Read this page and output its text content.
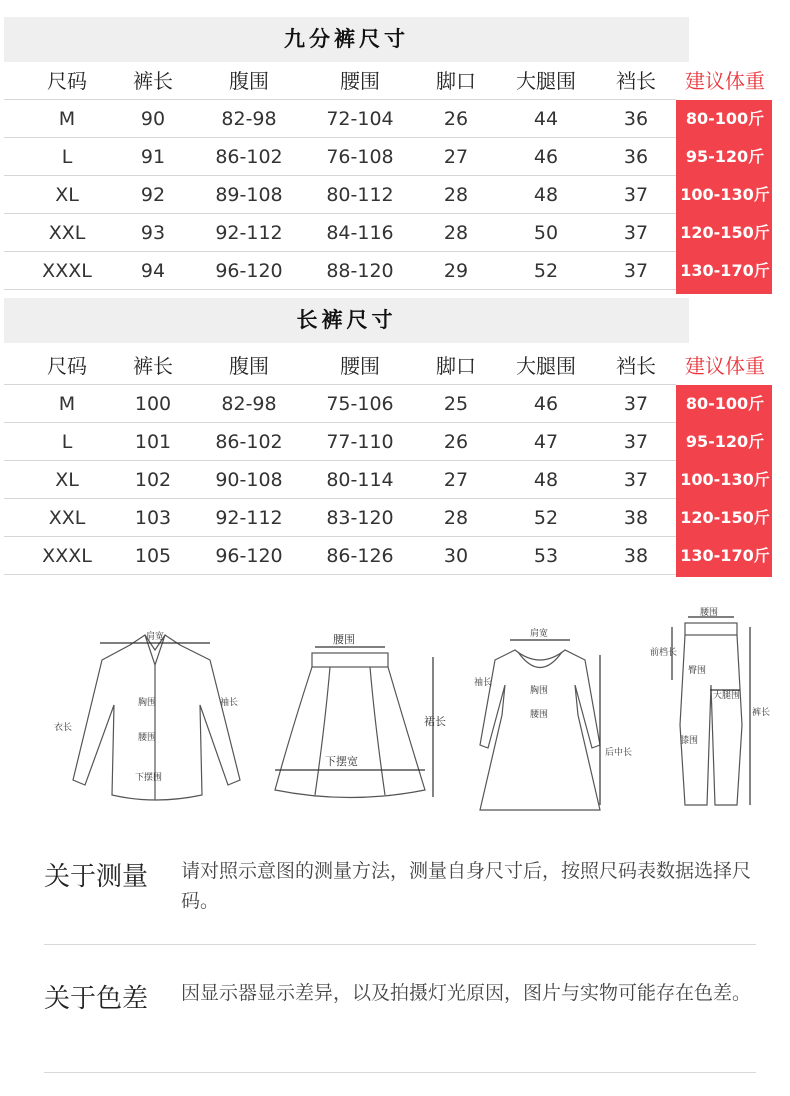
九分裤尺寸
尺码	裤长	腹围	腰围	脚口	大腿围	裆长	建议体重
M	90	82-98	72-104	26	44	36	80-100斤
L	91	86-102	76-108	27	46	36	95-120斤
XL	92	89-108	80-112	28	48	37	100-130斤
XXL	93	92-112	84-116	28	50	37	120-150斤
XXXL	94	96-120	88-120	29	52	37	130-170斤
长裤尺寸
尺码	裤长	腹围	腰围	脚口	大腿围	裆长	建议体重
M	100	82-98	75-106	25	46	37	80-100斤
L	101	86-102	77-110	26	47	37	95-120斤
XL	102	90-108	80-114	27	48	37	100-130斤
XXL	103	92-112	83-120	28	52	38	120-150斤
XXXL	105	96-120	86-126	30	53	38	130-170斤
肩宽
胸围
腰围
下摆围
袖长
衣长
腰围
下摆宽
裙长
肩宽
胸围
腰围
袖长
后中长
腰围
臀围
大腿围
膝围
前档长
裤长
关于测量 请对照示意图的测量方法，测量自身尺寸后，按照尺码表数据选择尺码。
关于色差 因显示器显示差异，以及拍摄灯光原因，图片与实物可能存在色差。
